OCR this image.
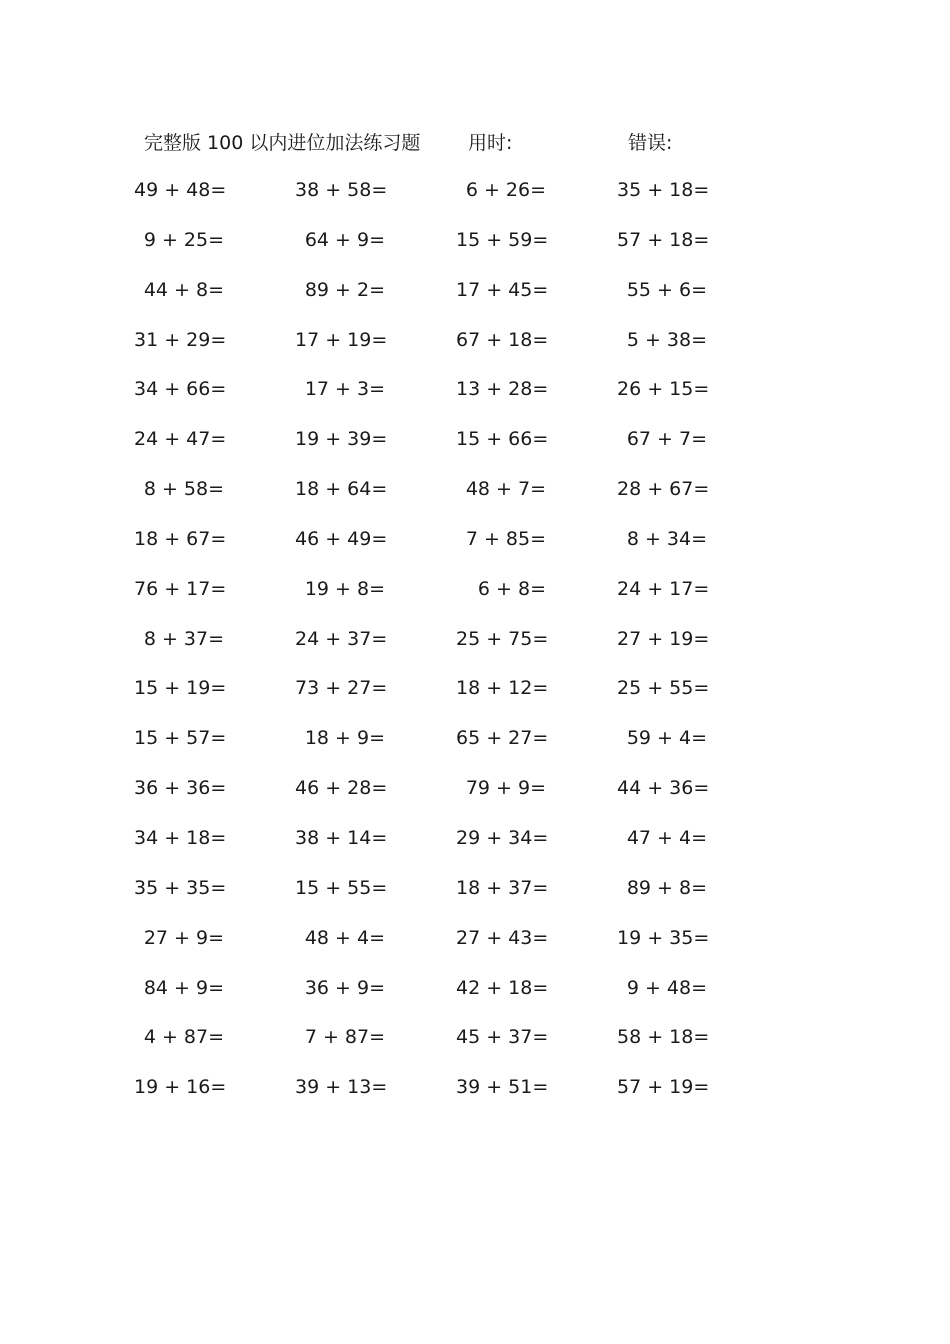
完整版 100 以内进位加法练习题	用时:	错误:
49 + 48=	38 + 58=	6 + 26=	35 + 18=
9 + 25=	64 + 9=	15 + 59=	57 + 18=
44 + 8=	89 + 2=	17 + 45=	55 + 6=
31 + 29=	17 + 19=	67 + 18=	5 + 38=
34 + 66=	17 + 3=	13 + 28=	26 + 15=
24 + 47=	19 + 39=	15 + 66=	67 + 7=
8 + 58=	18 + 64=	48 + 7=	28 + 67=
18 + 67=	46 + 49=	7 + 85=	8 + 34=
76 + 17=	19 + 8=	6 + 8=	24 + 17=
8 + 37=	24 + 37=	25 + 75=	27 + 19=
15 + 19=	73 + 27=	18 + 12=	25 + 55=
15 + 57=	18 + 9=	65 + 27=	59 + 4=
36 + 36=	46 + 28=	79 + 9=	44 + 36=
34 + 18=	38 + 14=	29 + 34=	47 + 4=
35 + 35=	15 + 55=	18 + 37=	89 + 8=
27 + 9=	48 + 4=	27 + 43=	19 + 35=
84 + 9=	36 + 9=	42 + 18=	9 + 48=
4 + 87=	7 + 87=	45 + 37=	58 + 18=
19 + 16=	39 + 13=	39 + 51=	57 + 19=
